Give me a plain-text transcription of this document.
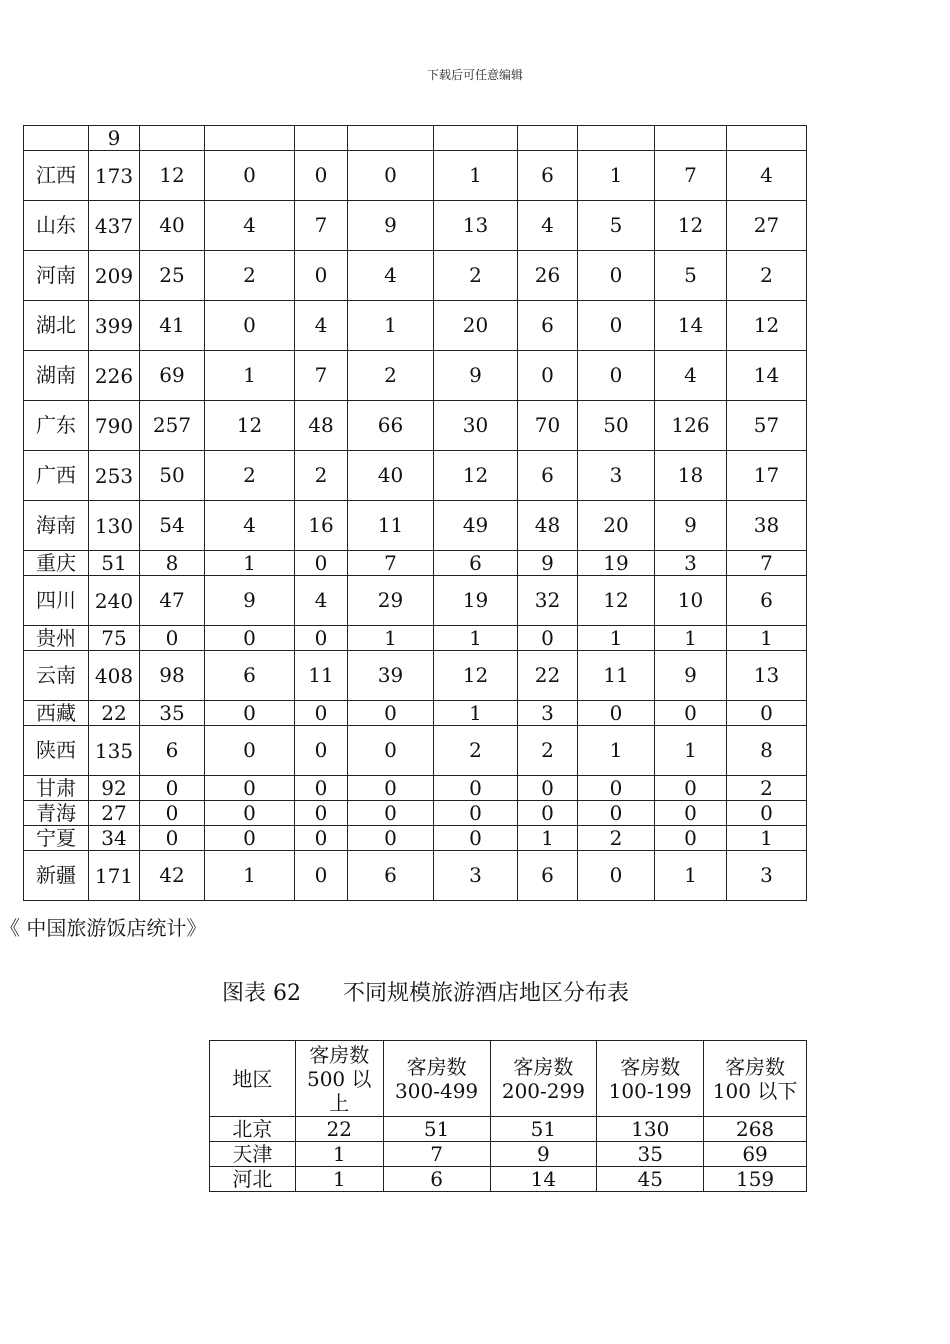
下载后可任意编辑
	9									
江西	173	12	0	0	0	1	6	1	7	4
山东	437	40	4	7	9	13	4	5	12	27
河南	209	25	2	0	4	2	26	0	5	2
湖北	399	41	0	4	1	20	6	0	14	12
湖南	226	69	1	7	2	9	0	0	4	14
广东	790	257	12	48	66	30	70	50	126	57
广西	253	50	2	2	40	12	6	3	18	17
海南	130	54	4	16	11	49	48	20	9	38
重庆	51	8	1	0	7	6	9	19	3	7
四川	240	47	9	4	29	19	32	12	10	6
贵州	75	0	0	0	1	1	0	1	1	1
云南	408	98	6	11	39	12	22	11	9	13
西藏	22	35	0	0	0	1	3	0	0	0
陕西	135	6	0	0	0	2	2	1	1	8
甘肃	92	0	0	0	0	0	0	0	0	2
青海	27	0	0	0	0	0	0	0	0	0
宁夏	34	0	0	0	0	0	1	2	0	1
新疆	171	42	1	0	6	3	6	0	1	3
《 中国旅游饭店统计》
图表 62 不同规模旅游酒店地区分布表
地区	客房数 500 以上	客房数 300-499	客房数 200-299	客房数 100-199	客房数 100 以下
北京	22	51	51	130	268
天津	1	7	9	35	69
河北	1	6	14	45	159
